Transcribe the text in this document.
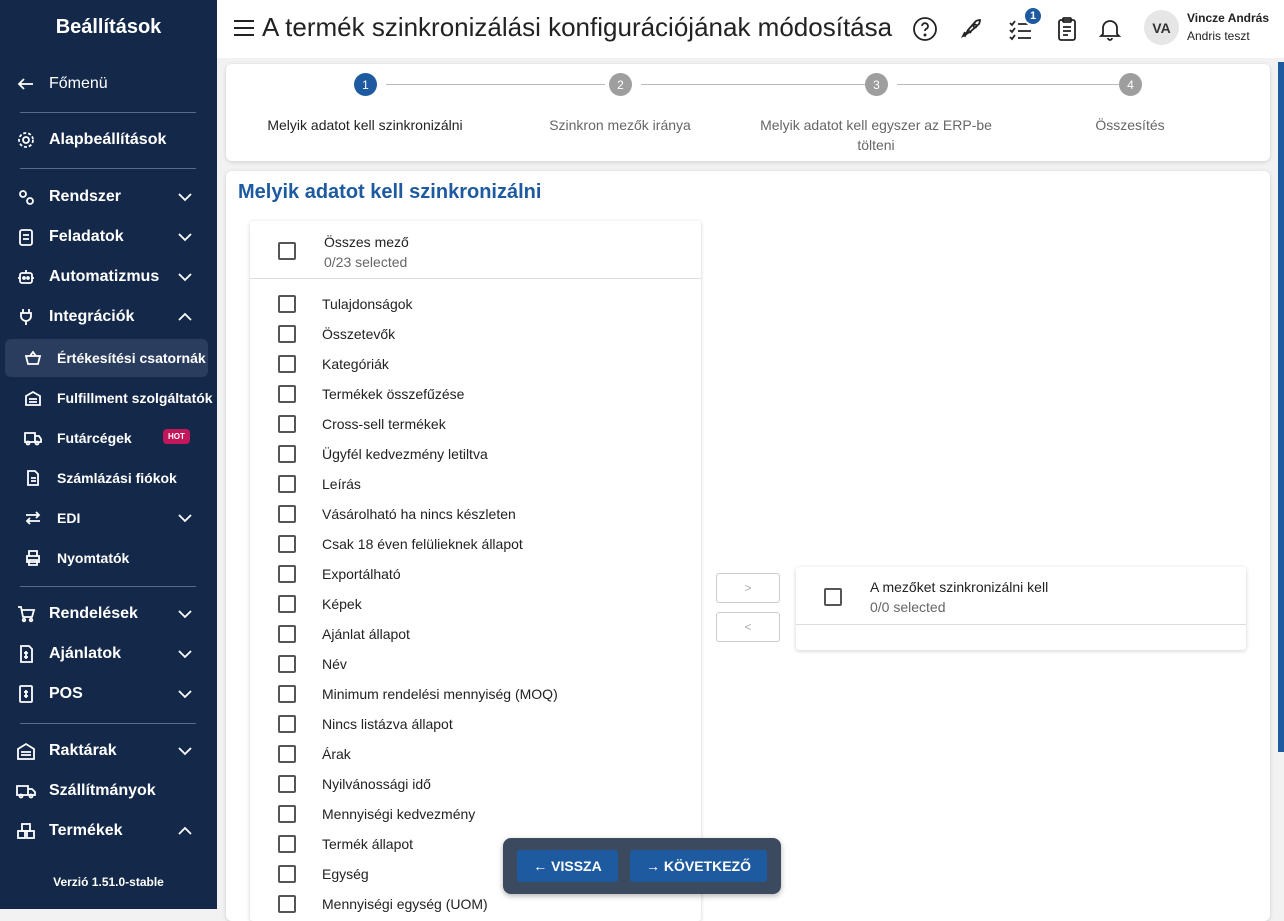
Beállítások
Főmenü
Alapbeállítások
Rendszer
Feladatok
Automatizmus
Integrációk
Értékesítési csatornák
Fulfillment szolgáltatók
Futárcégek	HOT
Számlázási fiókok
EDI
Nyomtatók
Rendelések
Ajánlatok
POS
Raktárak
Szállítmányok
Termékek
Verzió 1.51.0-stable
A termék szinkronizálási konfigurációjának módosítása	1
VA
Vincze András
Andris teszt
1	2	3	4
Melyik adatot kell szinkronizálni	Szinkron mezők iránya	Melyik adatot kell egyszer az ERP-be tölteni
Összesítés
Melyik adatot kell szinkronizálni
Összes mező
0/23 selected
Tulajdonságok
Összetevők
Kategóriák
Termékek összefűzése
Cross-sell termékek
Ügyfél kedvezmény letiltva
Leírás
Vásárolható ha nincs készleten
Csak 18 éven felülieknek állapot
Exportálható
Képek
Ajánlat állapot
Név
Minimum rendelési mennyiség (MOQ)
Nincs listázva állapot
Árak
Nyilvánossági idő
Mennyiségi kedvezmény
Termék állapot
Egység
Mennyiségi egység (UOM)
>
<
A mezőket szinkronizálni kell
0/0 selected
← VISSZA	→ KÖVETKEZŐ
